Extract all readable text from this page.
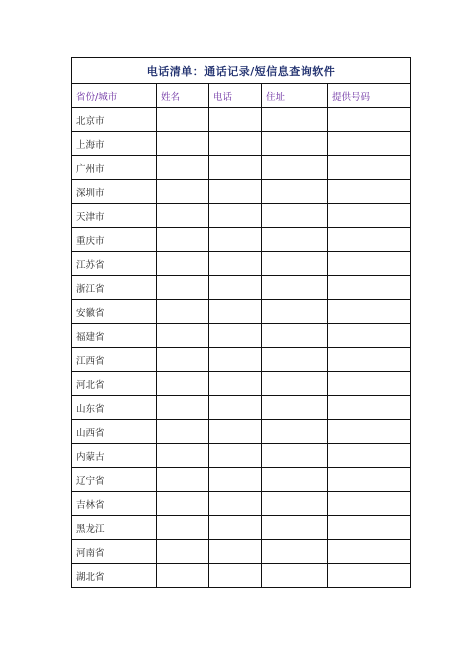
电话清单：通话记录/短信息查询软件				
省份/城市	姓名	电话	住址	提供号码
北京市				
上海市				
广州市				
深圳市				
天津市				
重庆市				
江苏省				
浙江省				
安徽省				
福建省				
江西省				
河北省				
山东省				
山西省				
内蒙古				
辽宁省				
吉林省				
黑龙江				
河南省				
湖北省				
